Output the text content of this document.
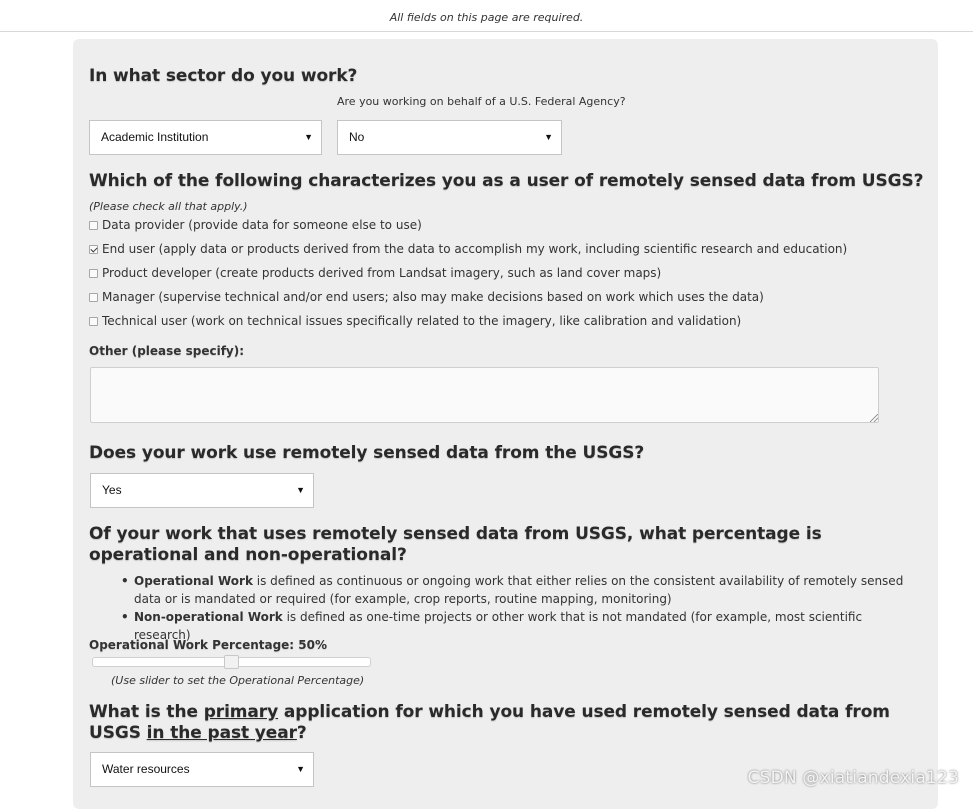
All fields on this page are required.
In what sector do you work?
Are you working on behalf of a U.S. Federal Agency?
Academic Institution	▼	No	▼
Which of the following characterizes you as a user of remotely sensed data from USGS?
(Please check all that apply.)
Data provider (provide data for someone else to use)
End user (apply data or products derived from the data to accomplish my work, including scientific research and education)
Product developer (create products derived from Landsat imagery, such as land cover maps)
Manager (supervise technical and/or end users; also may make decisions based on work which uses the data)
Technical user (work on technical issues specifically related to the imagery, like calibration and validation)
Other (please specify):
Does your work use remotely sensed data from the USGS?
Yes	▼
Of your work that uses remotely sensed data from USGS, what percentage is operational and non-operational?
• Operational Work is defined as continuous or ongoing work that either relies on the consistent availability of remotely sensed data or is mandated or required (for example, crop reports, routine mapping, monitoring)
• Non-operational Work is defined as one-time projects or other work that is not mandated (for example, most scientific research)
Operational Work Percentage: 50%
(Use slider to set the Operational Percentage)
What is the primary application for which you have used remotely sensed data from USGS in the past year?
Water resources	▼	CSDN @xiatiandexia123
